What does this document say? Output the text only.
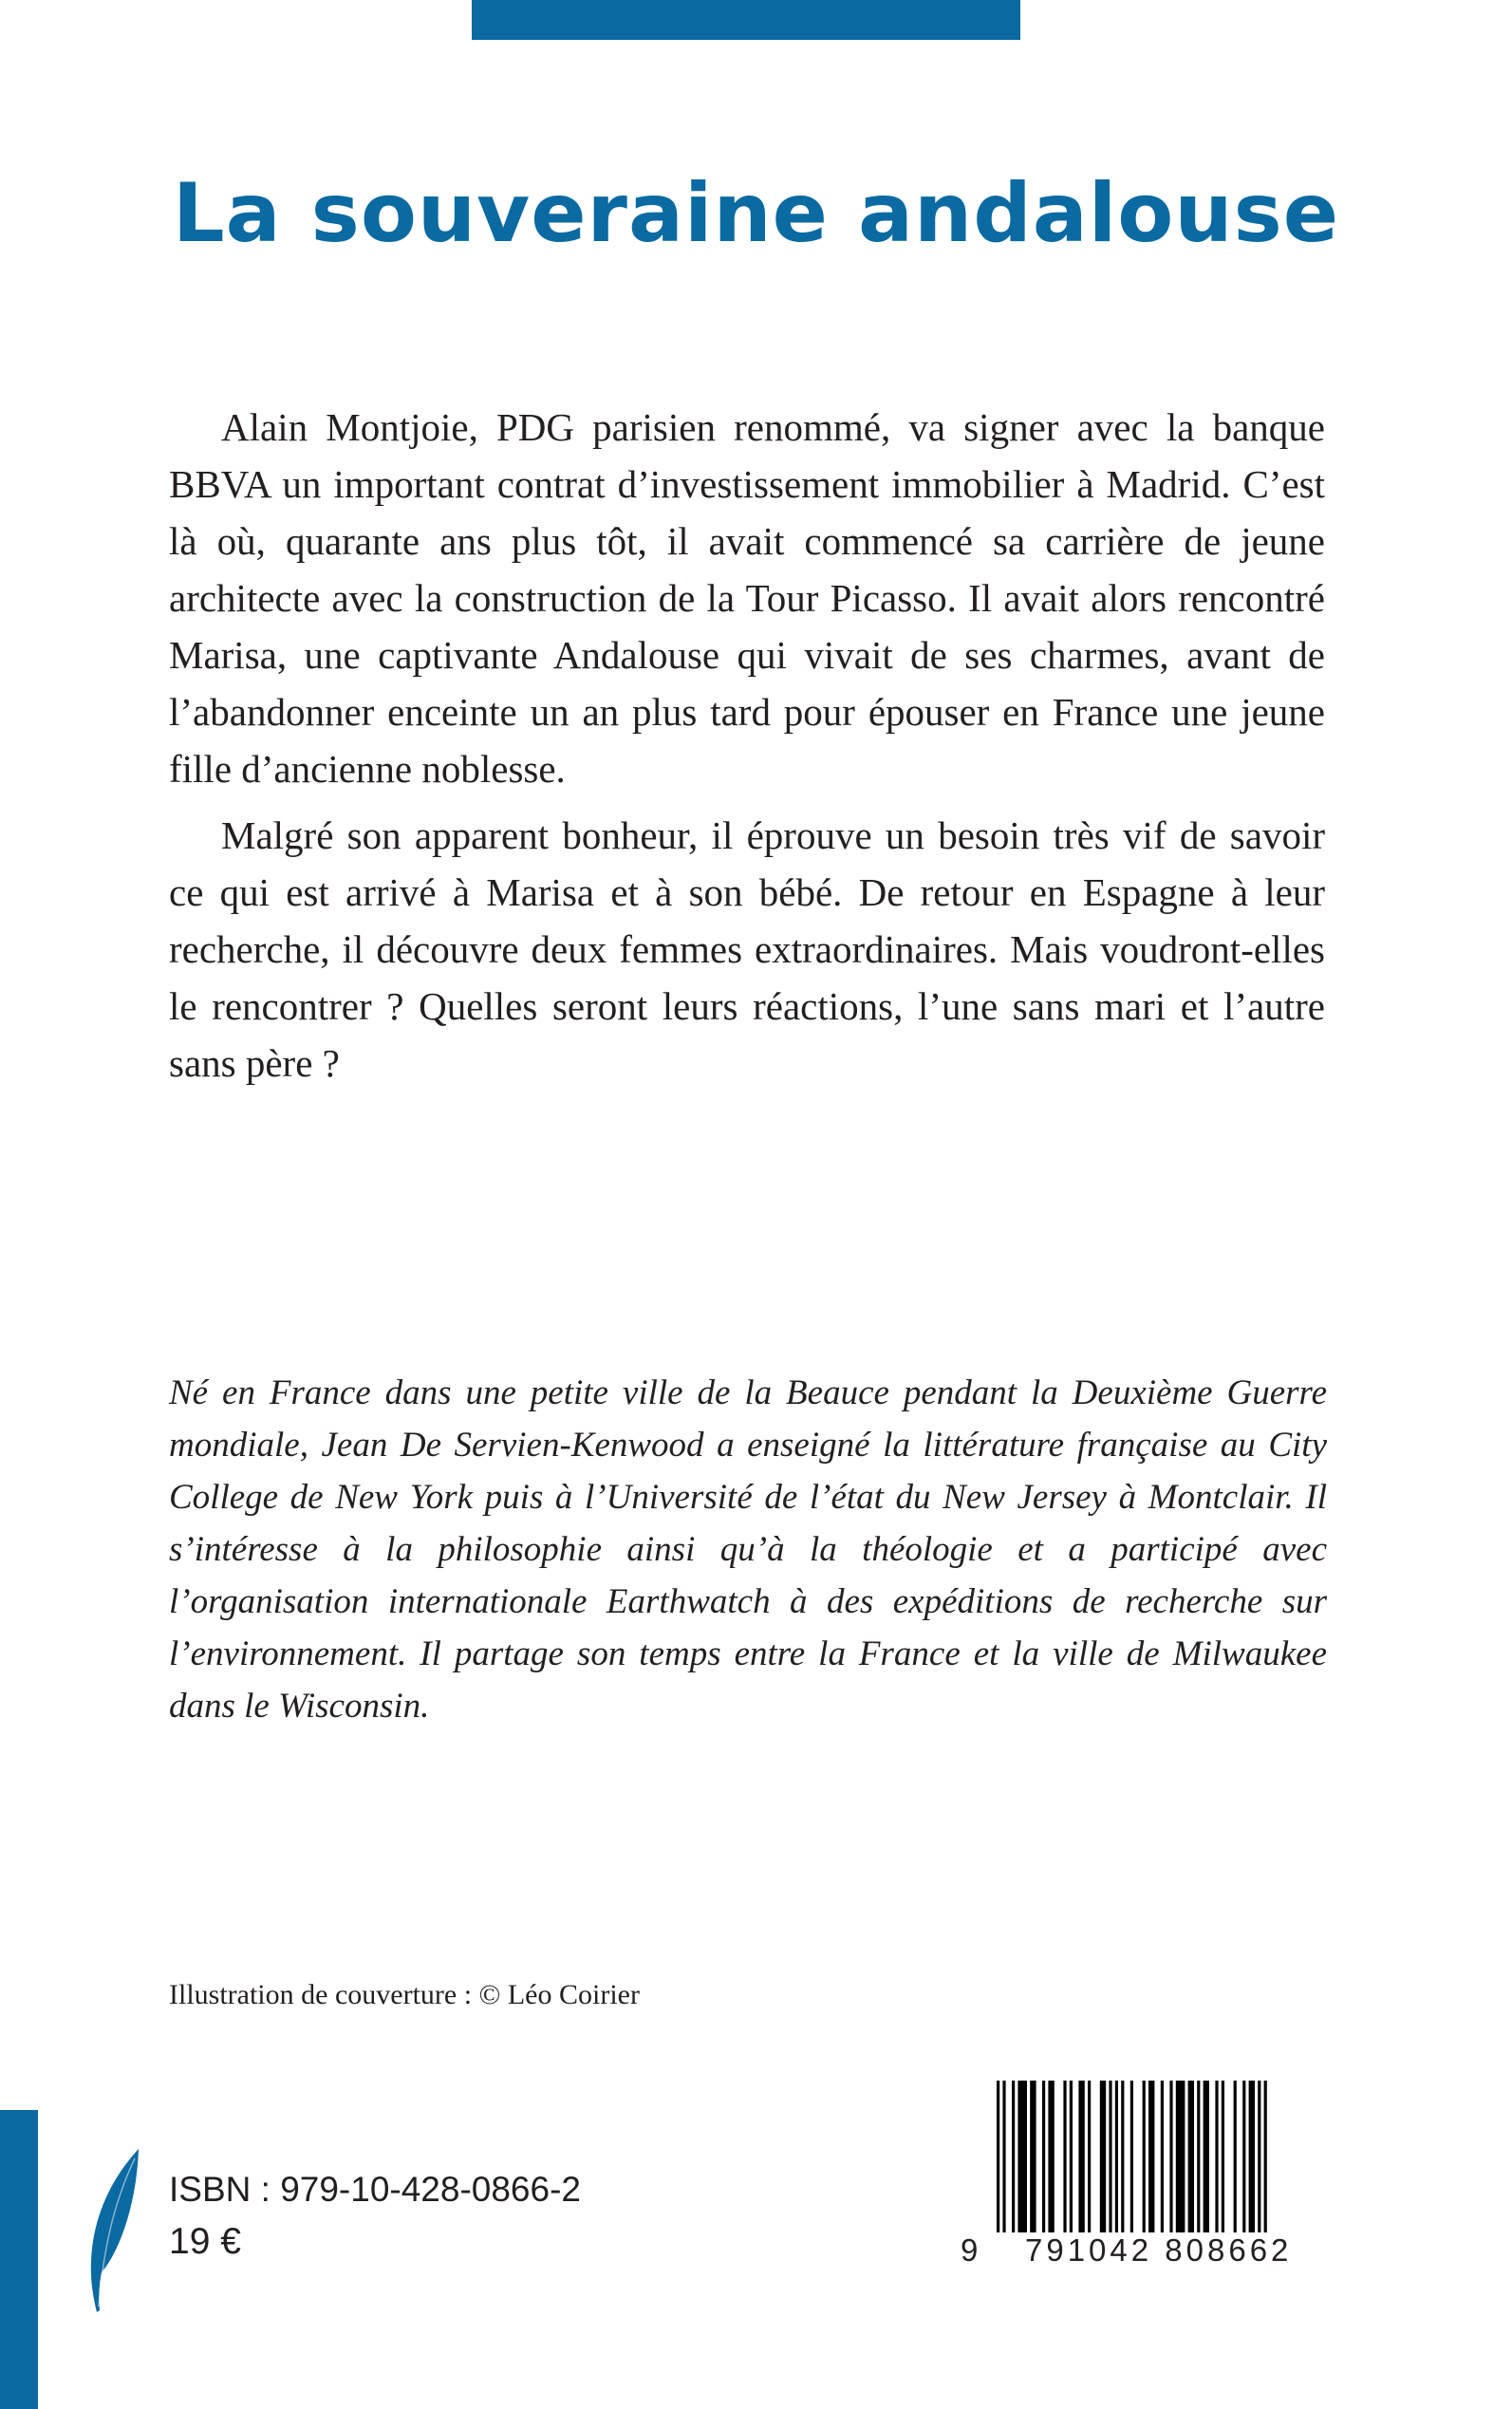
La souveraine andalouse

Alain Montjoie, PDG parisien renommé, va signer avec la banque BBVA un important contrat d’investissement immobilier à Madrid. C’est là où, quarante ans plus tôt, il avait commencé sa carrière de jeune architecte avec la construction de la Tour Picasso. Il avait alors rencontré Marisa, une captivante Andalouse qui vivait de ses charmes, avant de l’abandonner enceinte un an plus tard pour épouser en France une jeune fille d’ancienne noblesse.

Malgré son apparent bonheur, il éprouve un besoin très vif de savoir ce qui est arrivé à Marisa et à son bébé. De retour en Espagne à leur recherche, il découvre deux femmes extraordinaires. Mais voudront-elles le rencontrer ? Quelles seront leurs réactions, l’une sans mari et l’autre sans père ?

Né en France dans une petite ville de la Beauce pendant la Deuxième Guerre mondiale, Jean De Servien-Kenwood a enseigné la littérature française au City College de New York puis à l’Université de l’état du New Jersey à Montclair. Il s’intéresse à la philosophie ainsi qu’à la théologie et a participé avec l’organisation internationale Earthwatch à des expéditions de recherche sur l’environnement. Il partage son temps entre la France et la ville de Milwaukee dans le Wisconsin.

Illustration de couverture : © Léo Coirier
ISBN : 979-10-428-0866-2
19 €	9 791042 808662
